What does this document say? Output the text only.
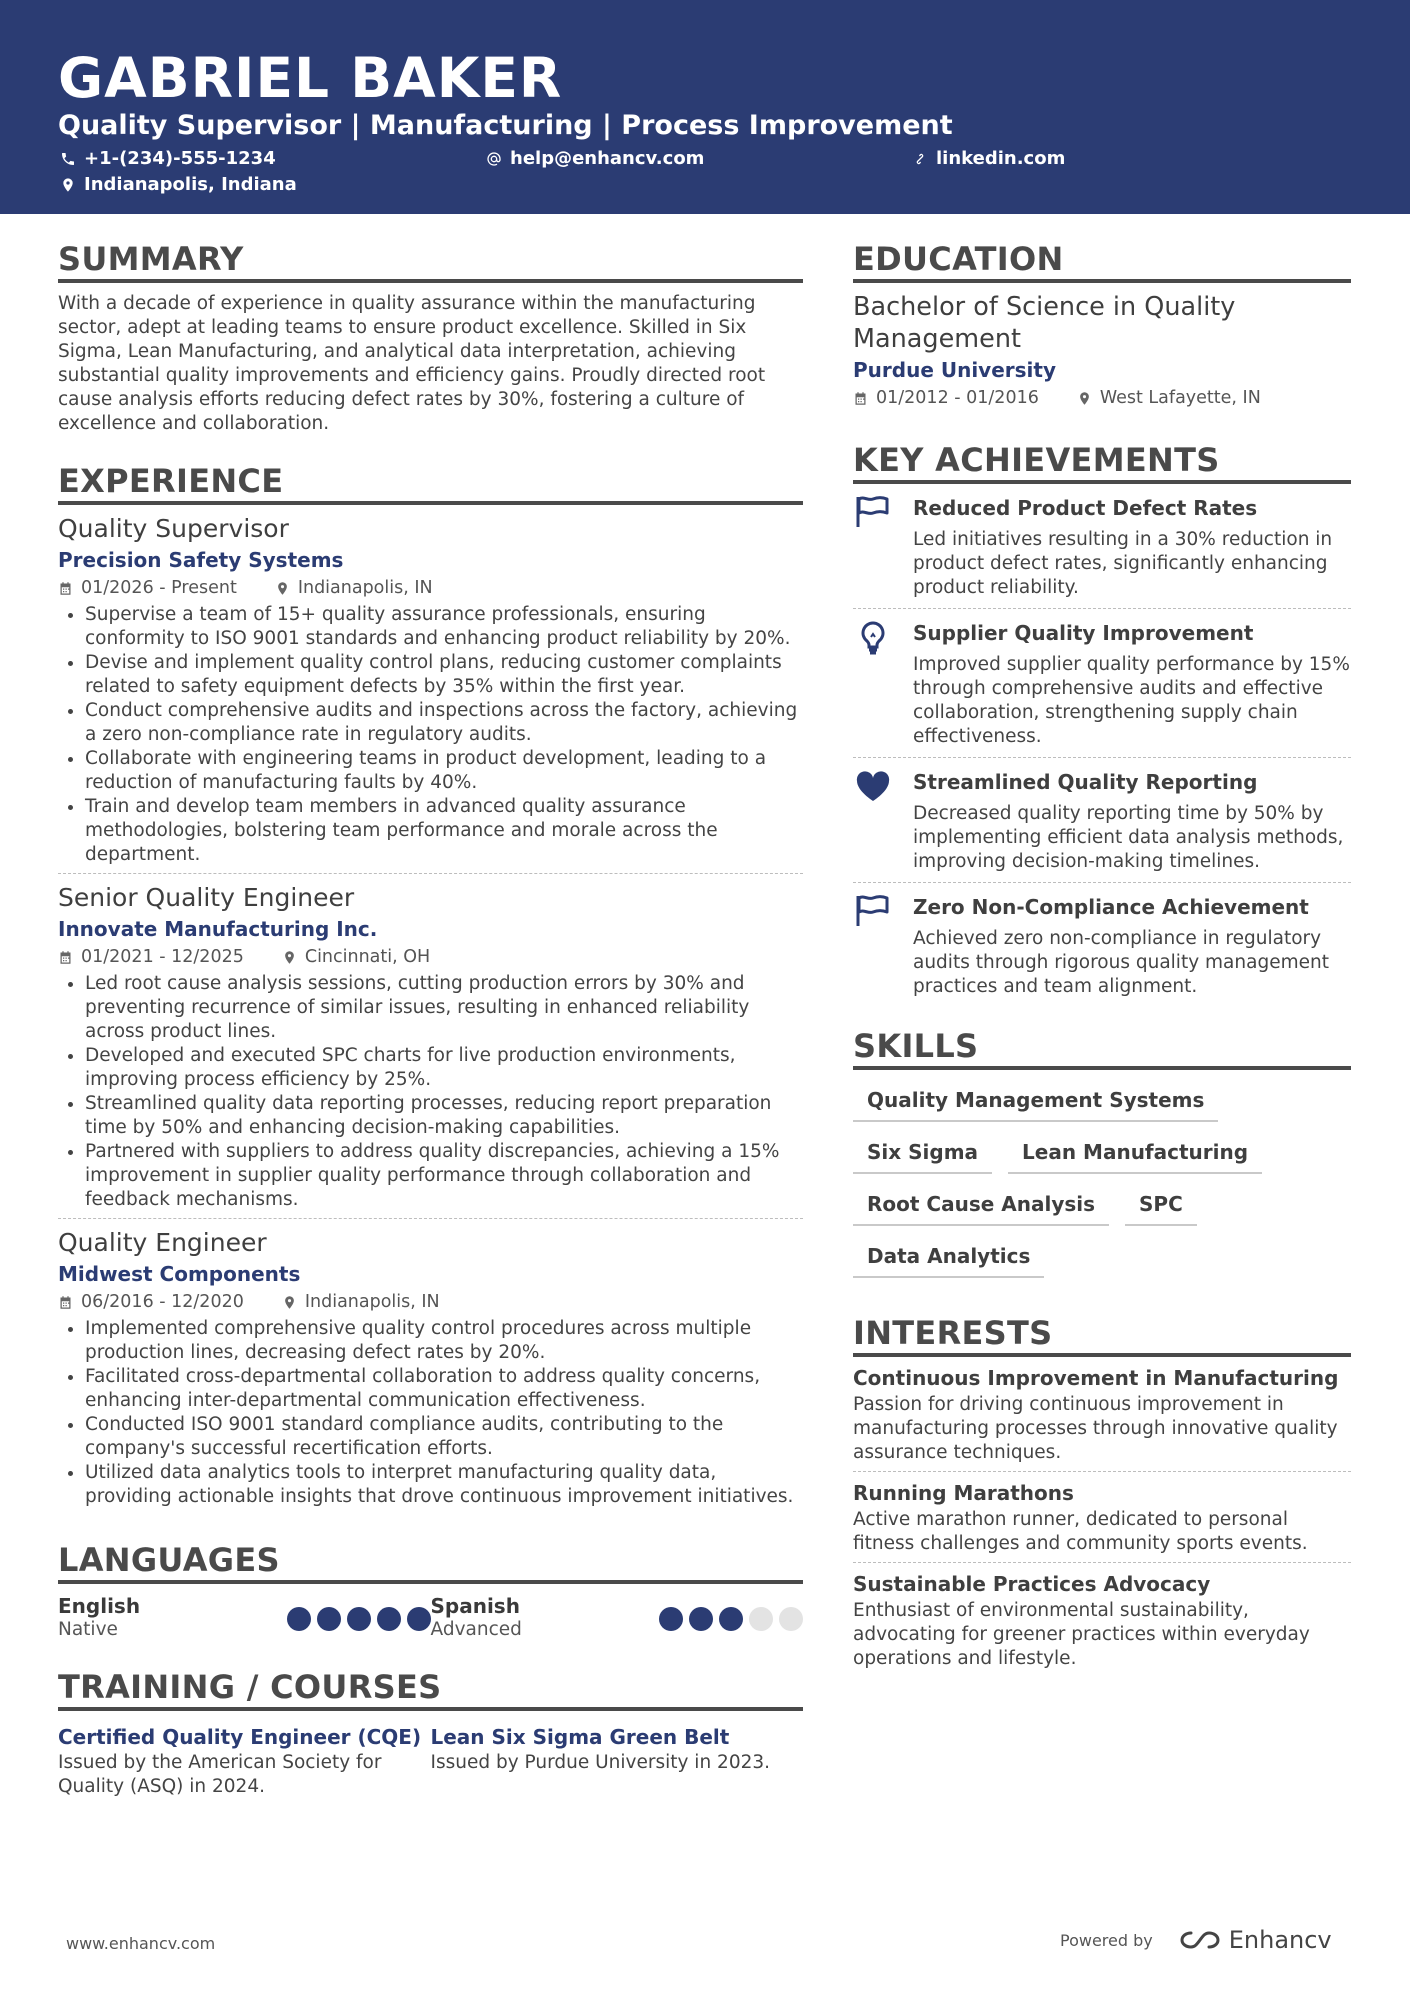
GABRIEL BAKER
Quality Supervisor | Manufacturing | Process Improvement
+1-(234)-555-1234	help@enhancv.com	linkedin.com
Indianapolis, Indiana
SUMMARY
With a decade of experience in quality assurance within the manufacturing sector, adept at leading teams to ensure product excellence. Skilled in Six Sigma, Lean Manufacturing, and analytical data interpretation, achieving substantial quality improvements and efficiency gains. Proudly directed root cause analysis efforts reducing defect rates by 30%, fostering a culture of excellence and collaboration.
EXPERIENCE
Quality Supervisor
Precision Safety Systems
01/2026 - Present	Indianapolis, IN
• Supervise a team of 15+ quality assurance professionals, ensuring conformity to ISO 9001 standards and enhancing product reliability by 20%.
• Devise and implement quality control plans, reducing customer complaints related to safety equipment defects by 35% within the first year.
• Conduct comprehensive audits and inspections across the factory, achieving a zero non-compliance rate in regulatory audits.
• Collaborate with engineering teams in product development, leading to a reduction of manufacturing faults by 40%.
• Train and develop team members in advanced quality assurance methodologies, bolstering team performance and morale across the department.
Senior Quality Engineer
Innovate Manufacturing Inc.
01/2021 - 12/2025	Cincinnati, OH
• Led root cause analysis sessions, cutting production errors by 30% and preventing recurrence of similar issues, resulting in enhanced reliability across product lines.
• Developed and executed SPC charts for live production environments, improving process efficiency by 25%.
• Streamlined quality data reporting processes, reducing report preparation time by 50% and enhancing decision-making capabilities.
• Partnered with suppliers to address quality discrepancies, achieving a 15% improvement in supplier quality performance through collaboration and feedback mechanisms.
Quality Engineer
Midwest Components
06/2016 - 12/2020	Indianapolis, IN
• Implemented comprehensive quality control procedures across multiple production lines, decreasing defect rates by 20%.
• Facilitated cross-departmental collaboration to address quality concerns, enhancing inter-departmental communication effectiveness.
• Conducted ISO 9001 standard compliance audits, contributing to the company's successful recertification efforts.
• Utilized data analytics tools to interpret manufacturing quality data, providing actionable insights that drove continuous improvement initiatives.
LANGUAGES
English
Native
Spanish
Advanced
TRAINING / COURSES
Certified Quality Engineer (CQE)
Issued by the American Society for Quality (ASQ) in 2024.
Lean Six Sigma Green Belt
Issued by Purdue University in 2023.
EDUCATION
Bachelor of Science in Quality Management
Purdue University
01/2012 - 01/2016	West Lafayette, IN
KEY ACHIEVEMENTS
Reduced Product Defect Rates
Led initiatives resulting in a 30% reduction in product defect rates, significantly enhancing product reliability.
Supplier Quality Improvement
Improved supplier quality performance by 15% through comprehensive audits and effective collaboration, strengthening supply chain effectiveness.
Streamlined Quality Reporting
Decreased quality reporting time by 50% by implementing efficient data analysis methods, improving decision-making timelines.
Zero Non-Compliance Achievement
Achieved zero non-compliance in regulatory audits through rigorous quality management practices and team alignment.
SKILLS
Quality Management Systems
Six Sigma	Lean Manufacturing
Root Cause Analysis	SPC
Data Analytics
INTERESTS
Continuous Improvement in Manufacturing
Passion for driving continuous improvement in manufacturing processes through innovative quality assurance techniques.
Running Marathons
Active marathon runner, dedicated to personal fitness challenges and community sports events.
Sustainable Practices Advocacy
Enthusiast of environmental sustainability, advocating for greener practices within everyday operations and lifestyle.
www.enhancv.com	Powered by	Enhancv
